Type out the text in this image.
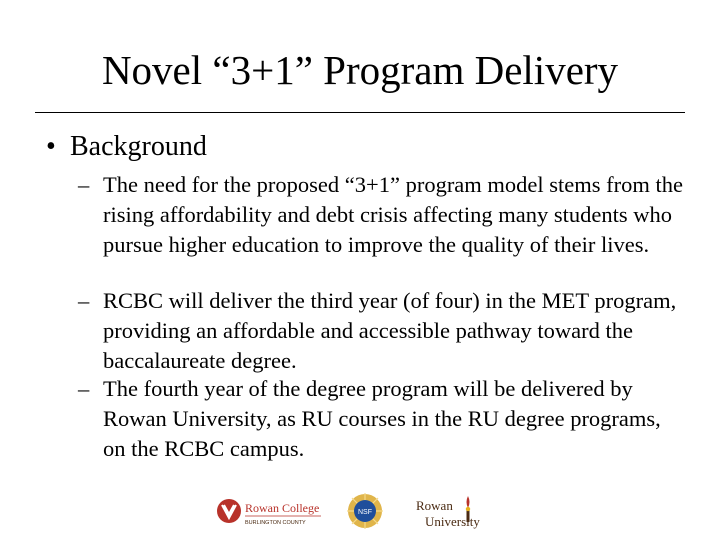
Novel “3+1” Program Delivery
• Background
– The need for the proposed “3+1” program model stems from the rising affordability and debt crisis affecting many students who pursue higher education to improve the quality of their lives.
– RCBC will deliver the third year (of four) in the MET program, providing an affordable and accessible pathway toward the baccalaureate degree.
– The fourth year of the degree program will be delivered by Rowan University, as RU courses in the RU degree programs, on the RCBC campus.
Rowan College
BURLINGTON COUNTY
NSF	Rowan
University
